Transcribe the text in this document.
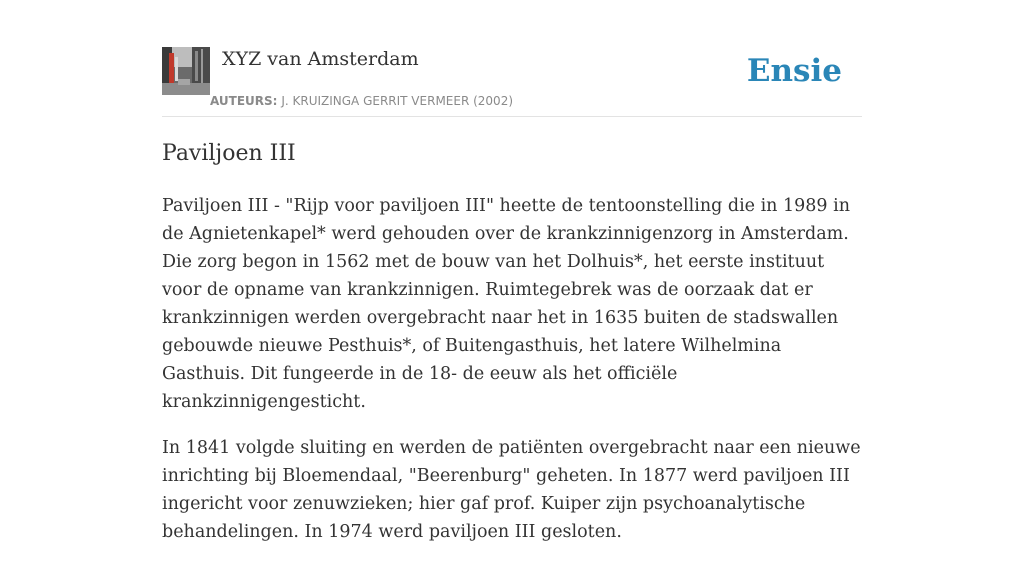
XYZ van Amsterdam
AUTEURS: J. KRUIZINGA GERRIT VERMEER (2002)
Ensie
Paviljoen III

Paviljoen III - "Rijp voor paviljoen III" heette de tentoonstelling die in 1989 in de Agnietenkapel* werd gehouden over de krankzinnigenzorg in Amsterdam. Die zorg begon in 1562 met de bouw van het Dolhuis*, het eerste instituut voor de opname van krankzinnigen. Ruimtegebrek was de oorzaak dat er krankzinnigen werden overgebracht naar het in 1635 buiten de stadswallen gebouwde nieuwe Pesthuis*, of Buitengasthuis, het latere Wilhelmina Gasthuis. Dit fungeerde in de 18- de eeuw als het officiële krankzinnigengesticht.

In 1841 volgde sluiting en werden de patiënten overgebracht naar een nieuwe inrichting bij Bloemendaal, "Beerenburg" geheten. In 1877 werd paviljoen III ingericht voor zenuwzieken; hier gaf prof. Kuiper zijn psychoanalytische behandelingen. In 1974 werd paviljoen III gesloten.
